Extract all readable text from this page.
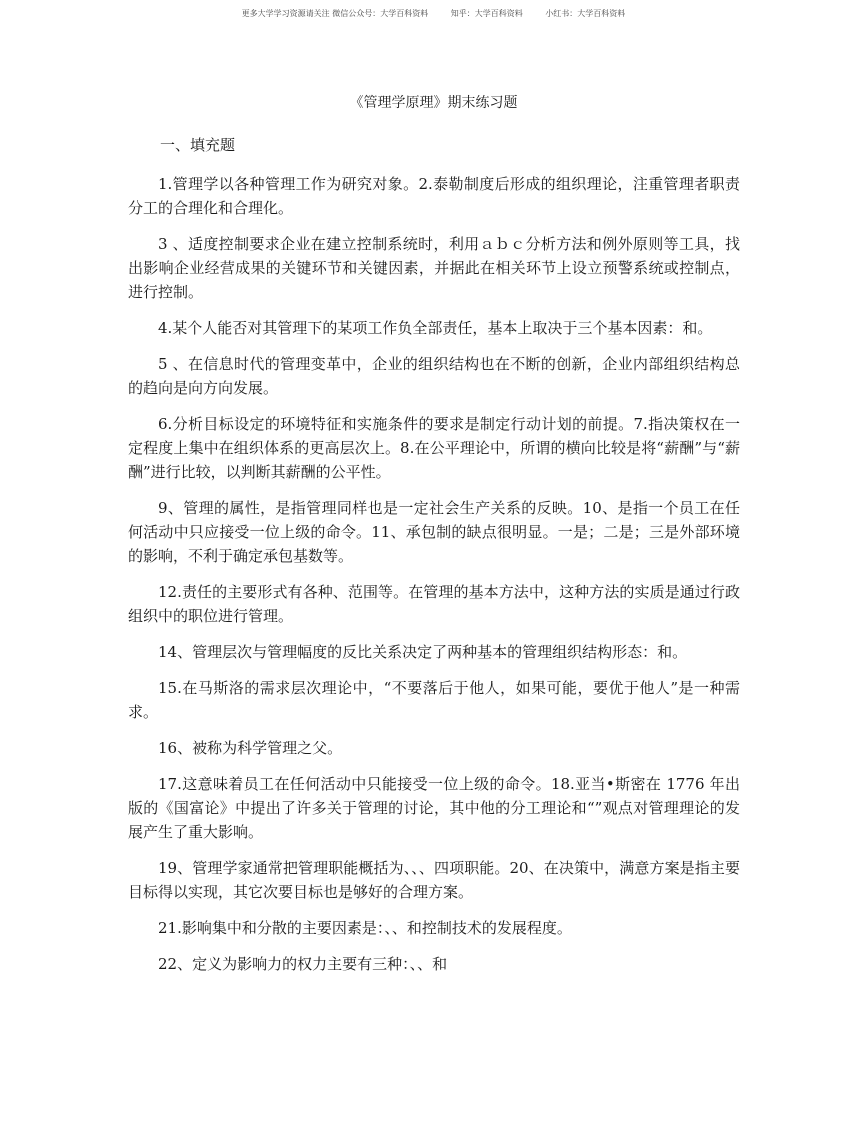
更多大学学习资源请关注 微信公众号：大学百科资料	知乎：大学百科资料	小红书：大学百科资料
《管理学原理》期末练习题
一、填充题

1.管理学以各种管理工作为研究对象。2.泰勒制度后形成的组织理论，注重管理者职责分工的合理化和合理化。

3 、适度控制要求企业在建立控制系统时，利用ａｂｃ分析方法和例外原则等工具，找出影响企业经营成果的关键环节和关键因素，并据此在相关环节上设立预警系统或控制点，进行控制。

4.某个人能否对其管理下的某项工作负全部责任，基本上取决于三个基本因素：和。

5 、在信息时代的管理变革中，企业的组织结构也在不断的创新，企业内部组织结构总的趋向是向方向发展。

6.分析目标设定的环境特征和实施条件的要求是制定行动计划的前提。7.指决策权在一定程度上集中在组织体系的更高层次上。8.在公平理论中，所谓的横向比较是将“薪酬”与“薪酬”进行比较，以判断其薪酬的公平性。

9、管理的属性，是指管理同样也是一定社会生产关系的反映。10、是指一个员工在任何活动中只应接受一位上级的命令。11、承包制的缺点很明显。一是；二是；三是外部环境的影响，不利于确定承包基数等。

12.责任的主要形式有各种、范围等。在管理的基本方法中，这种方法的实质是通过行政组织中的职位进行管理。

14、管理层次与管理幅度的反比关系决定了两种基本的管理组织结构形态：和。

15.在马斯洛的需求层次理论中，“不要落后于他人，如果可能，要优于他人”是一种需求。

16、被称为科学管理之父。

17.这意味着员工在任何活动中只能接受一位上级的命令。18.亚当•斯密在 1776 年出版的《国富论》中提出了许多关于管理的讨论，其中他的分工理论和“”观点对管理理论的发展产生了重大影响。

19、管理学家通常把管理职能概括为、、、四项职能。20、在决策中，满意方案是指主要目标得以实现，其它次要目标也是够好的合理方案。

21.影响集中和分散的主要因素是：、、和控制技术的发展程度。

22、定义为影响力的权力主要有三种：、、和
